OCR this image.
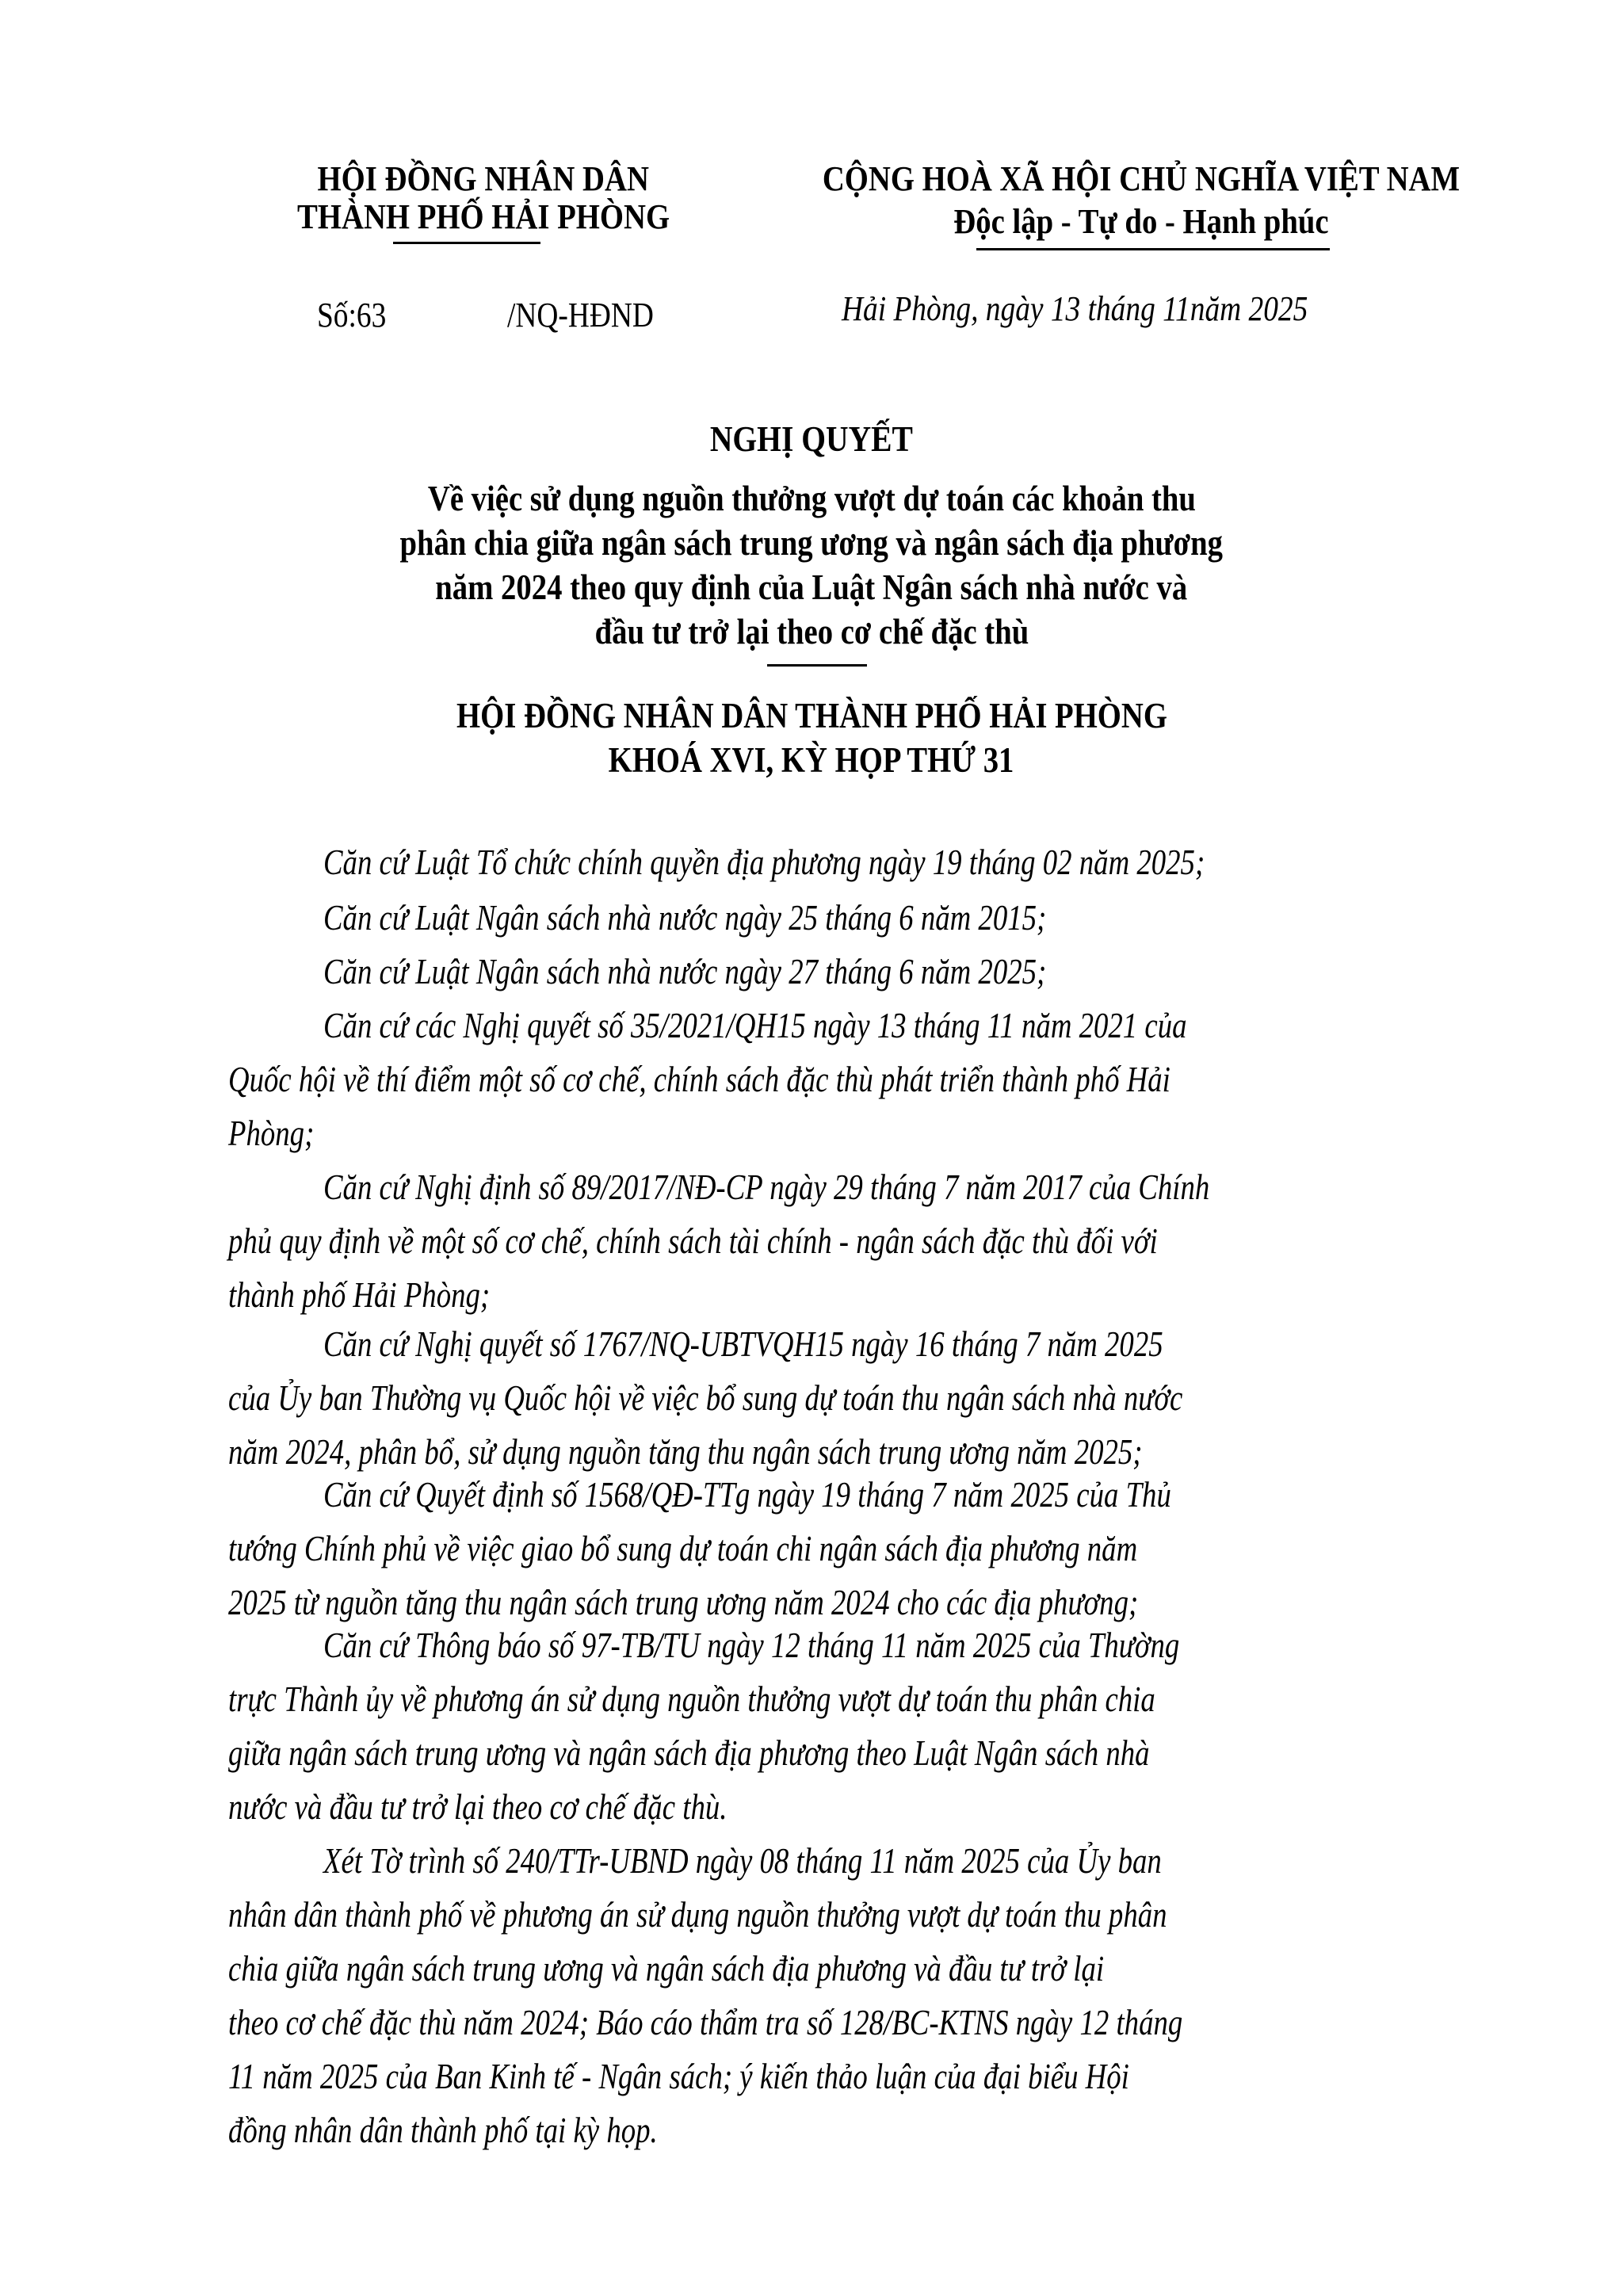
HỘI ĐỒNG NHÂN DÂN
THÀNH PHỐ HẢI PHÒNG
CỘNG HOÀ XÃ HỘI CHỦ NGHĨA VIỆT NAM
Độc lập - Tự do - Hạnh phúc
Số:63	/NQ-HĐND	Hải Phòng, ngày 13 tháng 11năm 2025
NGHỊ QUYẾT
Về việc sử dụng nguồn thưởng vượt dự toán các khoản thu
phân chia giữa ngân sách trung ương và ngân sách địa phương
năm 2024 theo quy định của Luật Ngân sách nhà nước và
đầu tư trở lại theo cơ chế đặc thù
HỘI ĐỒNG NHÂN DÂN THÀNH PHỐ HẢI PHÒNG
KHOÁ XVI, KỲ HỌP THỨ 31
Căn cứ Luật Tổ chức chính quyền địa phương ngày 19 tháng 02 năm 2025;
Căn cứ Luật Ngân sách nhà nước ngày 25 tháng 6 năm 2015;
Căn cứ Luật Ngân sách nhà nước ngày 27 tháng 6 năm 2025;
Căn cứ các Nghị quyết số 35/2021/QH15 ngày 13 tháng 11 năm 2021 của
Quốc hội về thí điểm một số cơ chế, chính sách đặc thù phát triển thành phố Hải
Phòng;
Căn cứ Nghị định số 89/2017/NĐ-CP ngày 29 tháng 7 năm 2017 của Chính
phủ quy định về một số cơ chế, chính sách tài chính - ngân sách đặc thù đối với
thành phố Hải Phòng;
Căn cứ Nghị quyết số 1767/NQ-UBTVQH15 ngày 16 tháng 7 năm 2025
của Ủy ban Thường vụ Quốc hội về việc bổ sung dự toán thu ngân sách nhà nước
năm 2024, phân bổ, sử dụng nguồn tăng thu ngân sách trung ương năm 2025;
Căn cứ Quyết định số 1568/QĐ-TTg ngày 19 tháng 7 năm 2025 của Thủ
tướng Chính phủ về việc giao bổ sung dự toán chi ngân sách địa phương năm
2025 từ nguồn tăng thu ngân sách trung ương năm 2024 cho các địa phương;
Căn cứ Thông báo số 97-TB/TU ngày 12 tháng 11 năm 2025 của Thường
trực Thành ủy về phương án sử dụng nguồn thưởng vượt dự toán thu phân chia
giữa ngân sách trung ương và ngân sách địa phương theo Luật Ngân sách nhà
nước và đầu tư trở lại theo cơ chế đặc thù.
Xét Tờ trình số 240/TTr-UBND ngày 08 tháng 11 năm 2025 của Ủy ban
nhân dân thành phố về phương án sử dụng nguồn thưởng vượt dự toán thu phân
chia giữa ngân sách trung ương và ngân sách địa phương và đầu tư trở lại
theo cơ chế đặc thù năm 2024; Báo cáo thẩm tra số 128/BC-KTNS ngày 12 tháng
11 năm 2025 của Ban Kinh tế - Ngân sách; ý kiến thảo luận của đại biểu Hội
đồng nhân dân thành phố tại kỳ họp.
